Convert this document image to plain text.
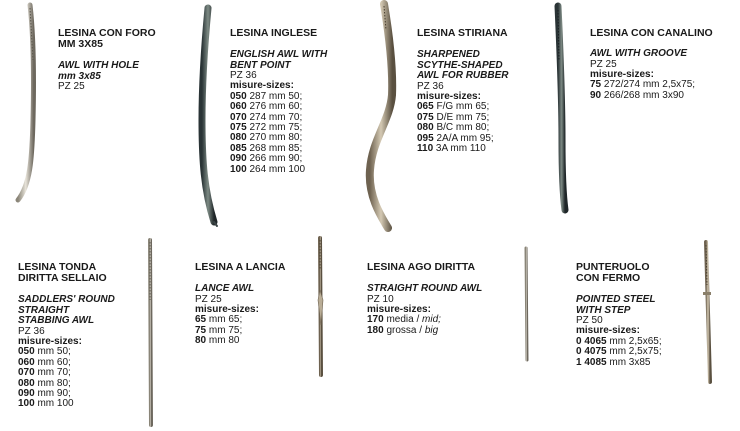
LESINA CON FORO
MM 3X85
AWL WITH HOLE
mm 3x85
PZ 25
LESINA INGLESE
ENGLISH AWL WITH
BENT POINT
PZ 36
misure-sizes:
050 287 mm 50;
060 276 mm 60;
070 274 mm 70;
075 272 mm 75;
080 270 mm 80;
085 268 mm 85;
090 266 mm 90;
100 264 mm 100
LESINA STIRIANA
SHARPENED
SCYTHE-SHAPED
AWL FOR RUBBER
PZ 36
misure-sizes:
065 F/G mm 65;
075 D/E mm 75;
080 B/C mm 80;
095 2A/A mm 95;
110 3A mm 110
LESINA CON CANALINO
AWL WITH GROOVE
PZ 25
misure-sizes:
75 272/274 mm 2,5x75;
90 266/268 mm 3x90
LESINA TONDA
DIRITTA SELLAIO
SADDLERS' ROUND
STRAIGHT
STABBING AWL
PZ 36
misure-sizes:
050 mm 50;
060 mm 60;
070 mm 70;
080 mm 80;
090 mm 90;
100 mm 100
LESINA A LANCIA
LANCE AWL
PZ 25
misure-sizes:
65 mm 65;
75 mm 75;
80 mm 80
LESINA AGO DIRITTA
STRAIGHT ROUND AWL
PZ 10
misure-sizes:
170 media / mid;
180 grossa / big
PUNTERUOLO
CON FERMO
POINTED STEEL
WITH STEP
PZ 50
misure-sizes:
0 4065 mm 2,5x65;
0 4075 mm 2,5x75;
1 4085 mm 3x85
